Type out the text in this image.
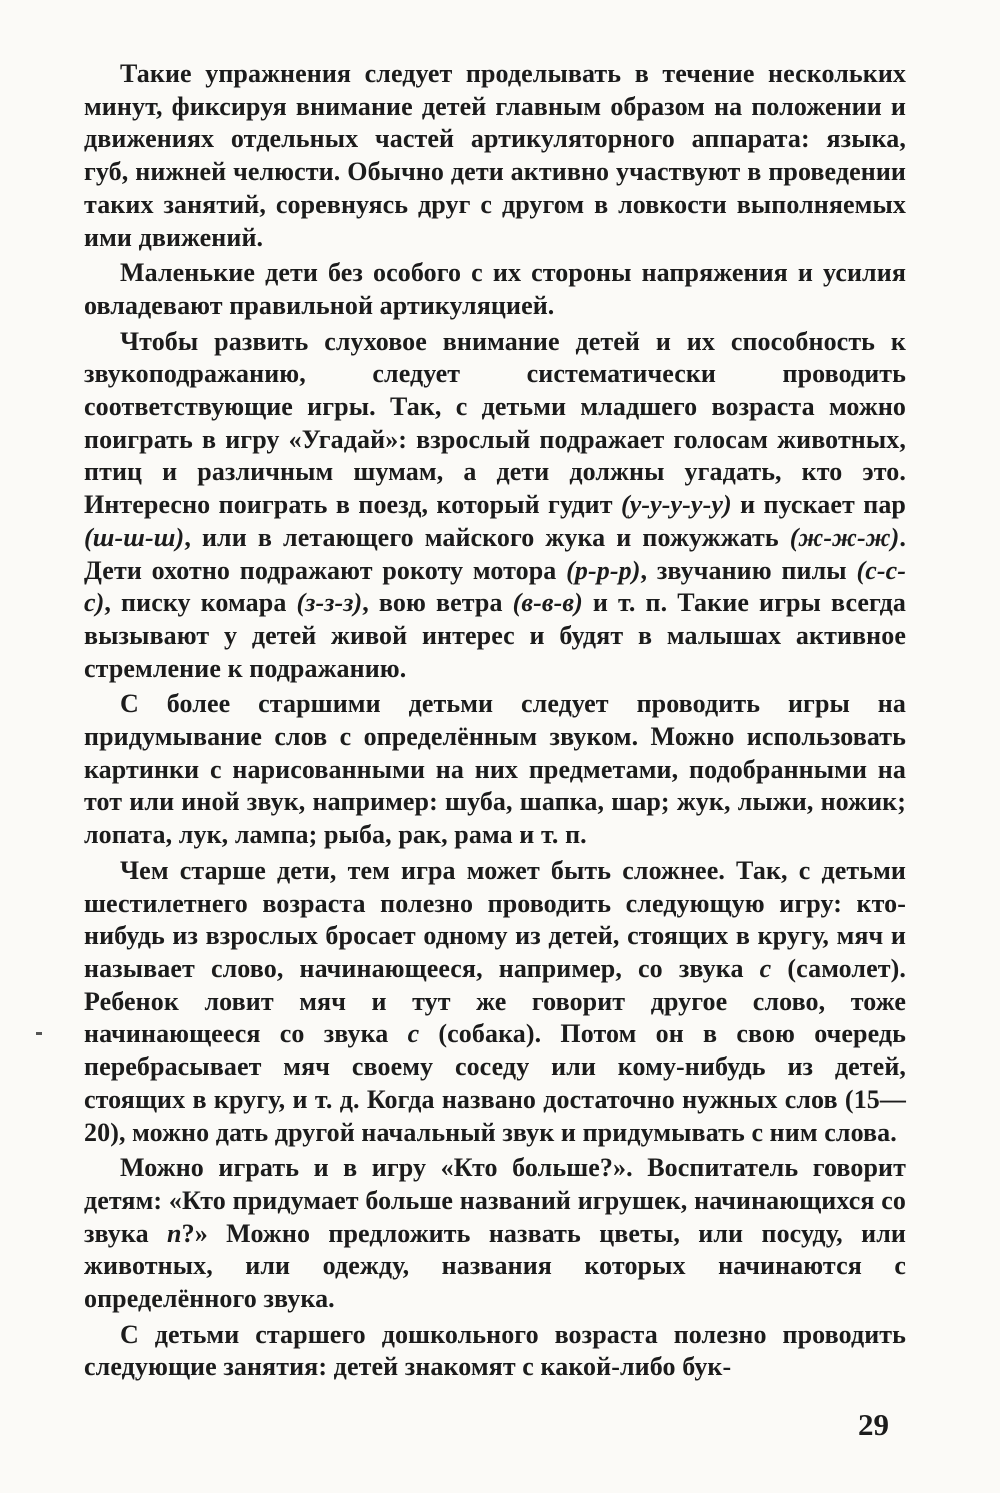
Такие упражнения следует проделывать в течение нескольких минут, фиксируя внимание детей главным образом на положении и движениях отдельных частей артикуляторного аппарата: языка, губ, нижней челюсти. Обычно дети активно участвуют в проведении таких занятий, соревнуясь друг с другом в ловкости выполняемых ими движений.

Маленькие дети без особого с их стороны напряжения и усилия овладевают правильной артикуляцией.

Чтобы развить слуховое внимание детей и их способность к звукоподражанию, следует систематически проводить соответствующие игры. Так, с детьми младшего возраста можно поиграть в игру «Угадай»: взрослый подражает голосам животных, птиц и различным шумам, а дети должны угадать, кто это. Интересно поиграть в поезд, который гудит (у-у-у-у-у) и пускает пар (ш-ш-ш), или в летающего майского жука и пожужжать (ж-ж-ж). Дети охотно подражают рокоту мотора (р-р-р), звучанию пилы (с-с-с), писку комара (з-з-з), вою ветра (в-в-в) и т. п. Такие игры всегда вызывают у детей живой интерес и будят в малышах активное стремление к подражанию.

С более старшими детьми следует проводить игры на придумывание слов с определённым звуком. Можно использовать картинки с нарисованными на них предметами, подобранными на тот или иной звук, например: шуба, шапка, шар; жук, лыжи, ножик; лопата, лук, лампа; рыба, рак, рама и т. п.

Чем старше дети, тем игра может быть сложнее. Так, с детьми шестилетнего возраста полезно проводить следующую игру: кто-нибудь из взрослых бросает одному из детей, стоящих в кругу, мяч и называет слово, начинающееся, например, со звука с (самолет). Ребенок ловит мяч и тут же говорит другое слово, тоже начинающееся со звука с (собака). Потом он в свою очередь перебрасывает мяч своему соседу или кому-нибудь из детей, стоящих в кругу, и т. д. Когда названо достаточно нужных слов (15—20), можно дать другой начальный звук и придумывать с ним слова.

Можно играть и в игру «Кто больше?». Воспитатель говорит детям: «Кто придумает больше названий игрушек, начинающихся со звука п?» Можно предложить назвать цветы, или посуду, или животных, или одежду, названия которых начинаются с определённого звука.

С детьми старшего дошкольного возраста полезно проводить следующие занятия: детей знакомят с какой-либо бук-

29
